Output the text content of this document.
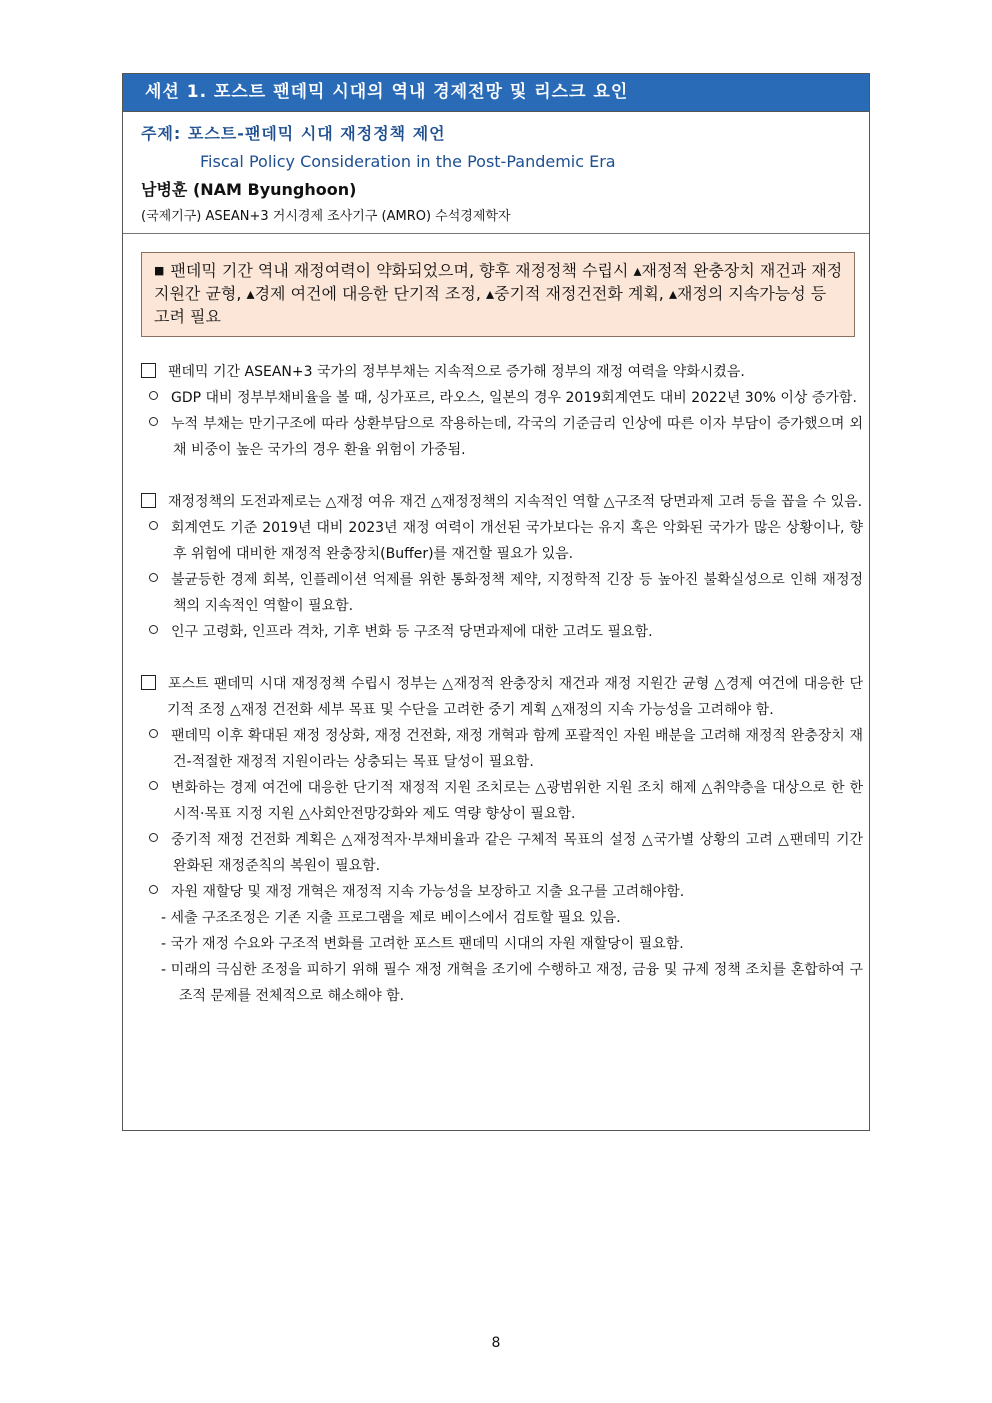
세션 1. 포스트 팬데믹 시대의 역내 경제전망 및 리스크 요인
주제: 포스트-팬데믹 시대 재정정책 제언
Fiscal Policy Consideration in the Post-Pandemic Era
남병훈 (NAM Byunghoon)
(국제기구) ASEAN+3 거시경제 조사기구 (AMRO) 수석경제학자
■ 팬데믹 기간 역내 재정여력이 약화되었으며, 향후 재정정책 수립시 ▴재정적 완충장치 재건과 재정지원간 균형, ▴경제 여건에 대응한 단기적 조정, ▴중기적 재정건전화 계획, ▴재정의 지속가능성 등 고려 필요
팬데믹 기간 ASEAN+3 국가의 정부부채는 지속적으로 증가해 정부의 재정 여력을 약화시켰음.
GDP 대비 정부부채비율을 볼 때, 싱가포르, 라오스, 일본의 경우 2019회계연도 대비 2022년 30% 이상 증가함.
누적 부채는 만기구조에 따라 상환부담으로 작용하는데, 각국의 기준금리 인상에 따른 이자 부담이 증가했으며 외채 비중이 높은 국가의 경우 환율 위험이 가중됨.
재정정책의 도전과제로는 △재정 여유 재건 △재정정책의 지속적인 역할 △구조적 당면과제 고려 등을 꼽을 수 있음.
회계연도 기준 2019년 대비 2023년 재정 여력이 개선된 국가보다는 유지 혹은 악화된 국가가 많은 상황이나, 향후 위험에 대비한 재정적 완충장치(Buffer)를 재건할 필요가 있음.
불균등한 경제 회복, 인플레이션 억제를 위한 통화정책 제약, 지정학적 긴장 등 높아진 불확실성으로 인해 재정정책의 지속적인 역할이 필요함.
인구 고령화, 인프라 격차, 기후 변화 등 구조적 당면과제에 대한 고려도 필요함.
포스트 팬데믹 시대 재정정책 수립시 정부는 △재정적 완충장치 재건과 재정 지원간 균형 △경제 여건에 대응한 단기적 조정 △재정 건전화 세부 목표 및 수단을 고려한 중기 계획 △재정의 지속 가능성을 고려해야 함.
팬데믹 이후 확대된 재정 정상화, 재정 건전화, 재정 개혁과 함께 포괄적인 자원 배분을 고려해 재정적 완충장치 재건-적절한 재정적 지원이라는 상충되는 목표 달성이 필요함.
변화하는 경제 여건에 대응한 단기적 재정적 지원 조치로는 △광범위한 지원 조치 해제 △취약층을 대상으로 한 한시적·목표 지정 지원 △사회안전망강화와 제도 역량 향상이 필요함.
중기적 재정 건전화 계획은 △재정적자·부채비율과 같은 구체적 목표의 설정 △국가별 상황의 고려 △팬데믹 기간 완화된 재정준칙의 복원이 필요함.
자원 재할당 및 재정 개혁은 재정적 지속 가능성을 보장하고 지출 요구를 고려해야함.
- 세출 구조조정은 기존 지출 프로그램을 제로 베이스에서 검토할 필요 있음.
- 국가 재정 수요와 구조적 변화를 고려한 포스트 팬데믹 시대의 자원 재할당이 필요함.
- 미래의 극심한 조정을 피하기 위해 필수 재정 개혁을 조기에 수행하고 재정, 금융 및 규제 정책 조치를 혼합하여 구조적 문제를 전체적으로 해소해야 함.
8
